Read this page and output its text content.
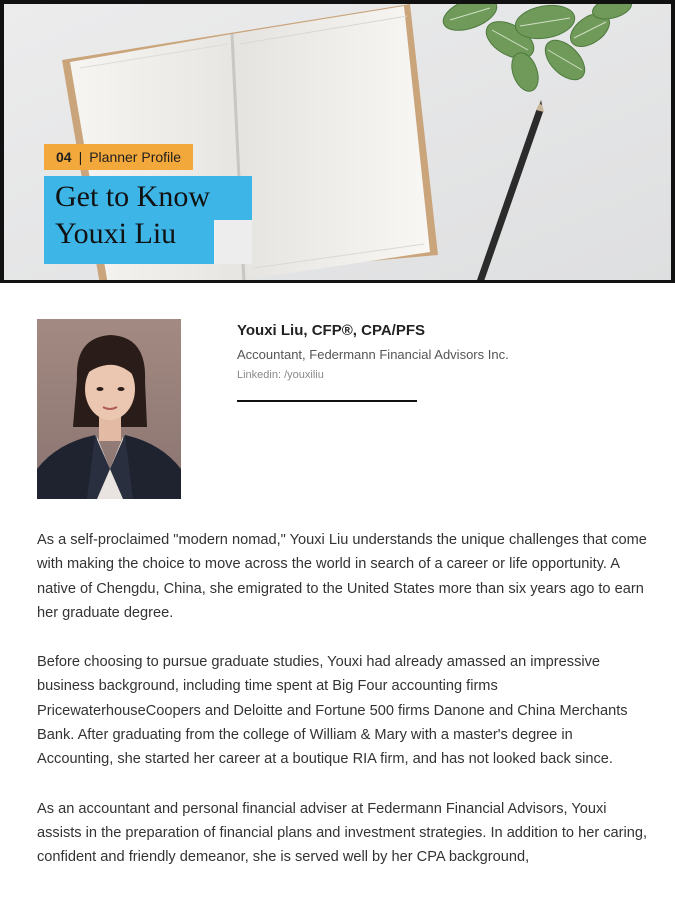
04 | Planner Profile
Get to Know
Youxi Liu

Youxi Liu, CFP®, CPA/PFS

Accountant, Federmann Financial Advisors Inc.
Linkedin: /youxiliu

As a self-proclaimed "modern nomad," Youxi Liu understands the unique challenges that come with making the choice to move across the world in search of a career or life opportunity. A native of Chengdu, China, she emigrated to the United States more than six years ago to earn her graduate degree.

Before choosing to pursue graduate studies, Youxi had already amassed an impressive business background, including time spent at Big Four accounting firms PricewaterhouseCoopers and Deloitte and Fortune 500 firms Danone and China Merchants Bank. After graduating from the college of William & Mary with a master's degree in Accounting, she started her career at a boutique RIA firm, and has not looked back since.

As an accountant and personal financial adviser at Federmann Financial Advisors, Youxi assists in the preparation of financial plans and investment strategies. In addition to her caring, confident and friendly demeanor, she is served well by her CPA background,
